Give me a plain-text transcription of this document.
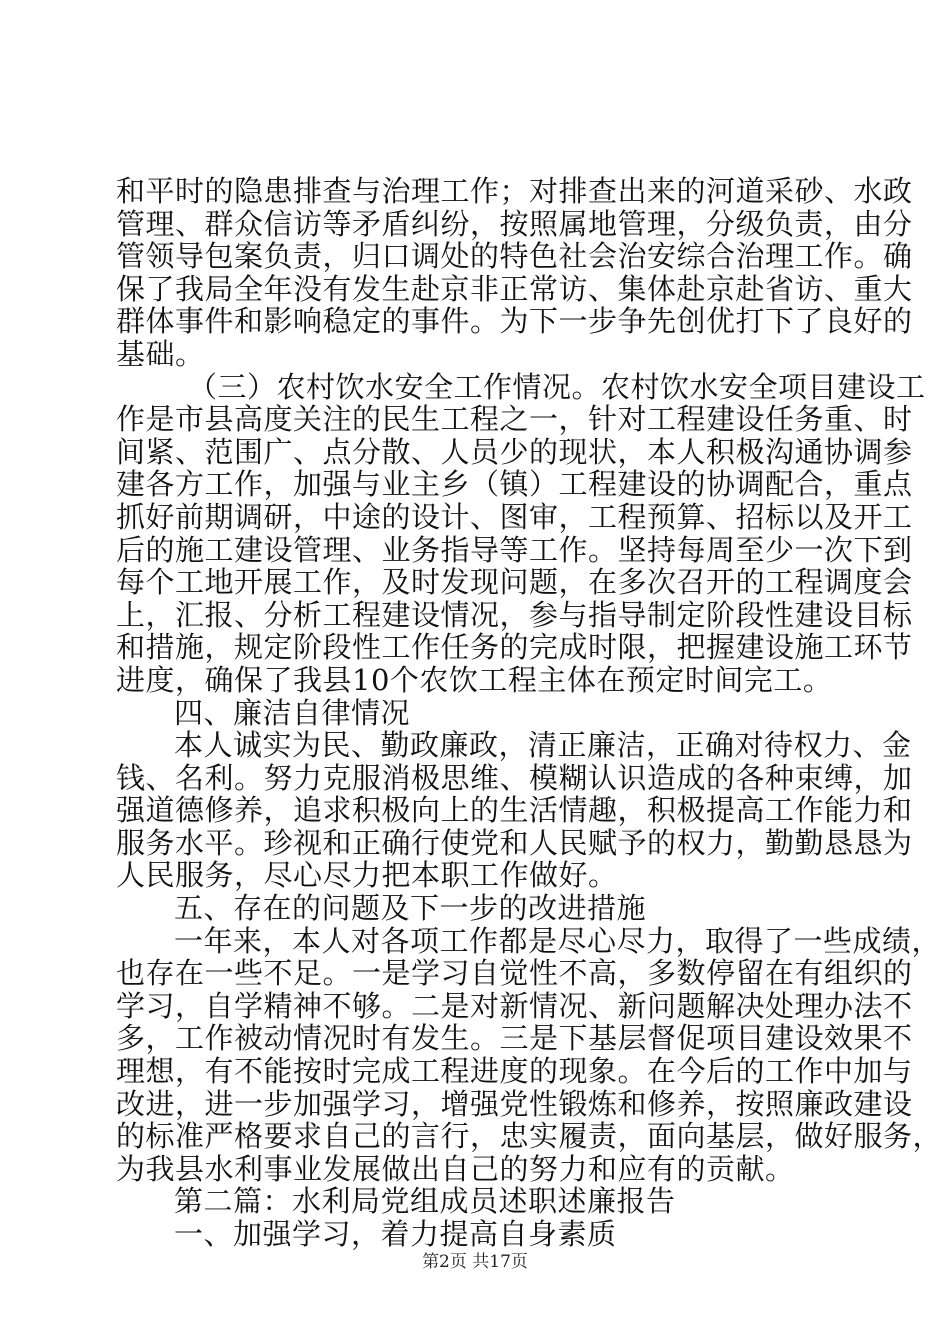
和平时的隐患排查与治理工作；对排查出来的河道采砂、水政
管理、群众信访等矛盾纠纷，按照属地管理，分级负责，由分
管领导包案负责，归口调处的特色社会治安综合治理工作。确
保了我局全年没有发生赴京非正常访、集体赴京赴省访、重大
群体事件和影响稳定的事件。为下一步争先创优打下了良好的
基础。
（三）农村饮水安全工作情况。农村饮水安全项目建设工
作是市县高度关注的民生工程之一，针对工程建设任务重、时
间紧、范围广、点分散、人员少的现状，本人积极沟通协调参
建各方工作，加强与业主乡（镇）工程建设的协调配合，重点
抓好前期调研，中途的设计、图审，工程预算、招标以及开工
后的施工建设管理、业务指导等工作。坚持每周至少一次下到
每个工地开展工作，及时发现问题，在多次召开的工程调度会
上，汇报、分析工程建设情况，参与指导制定阶段性建设目标
和措施，规定阶段性工作任务的完成时限，把握建设施工环节
进度，确保了我县10个农饮工程主体在预定时间完工。
四、廉洁自律情况
本人诚实为民、勤政廉政，清正廉洁，正确对待权力、金
钱、名利。努力克服消极思维、模糊认识造成的各种束缚，加
强道德修养，追求积极向上的生活情趣，积极提高工作能力和
服务水平。珍视和正确行使党和人民赋予的权力，勤勤恳恳为
人民服务，尽心尽力把本职工作做好。
五、存在的问题及下一步的改进措施
一年来，本人对各项工作都是尽心尽力，取得了一些成绩，
也存在一些不足。一是学习自觉性不高，多数停留在有组织的
学习，自学精神不够。二是对新情况、新问题解决处理办法不
多，工作被动情况时有发生。三是下基层督促项目建设效果不
理想，有不能按时完成工程进度的现象。在今后的工作中加与
改进，进一步加强学习，增强党性锻炼和修养，按照廉政建设
的标准严格要求自己的言行，忠实履责，面向基层，做好服务，
为我县水利事业发展做出自己的努力和应有的贡献。
第二篇：水利局党组成员述职述廉报告
一、加强学习，着力提高自身素质
第2页 共17页
